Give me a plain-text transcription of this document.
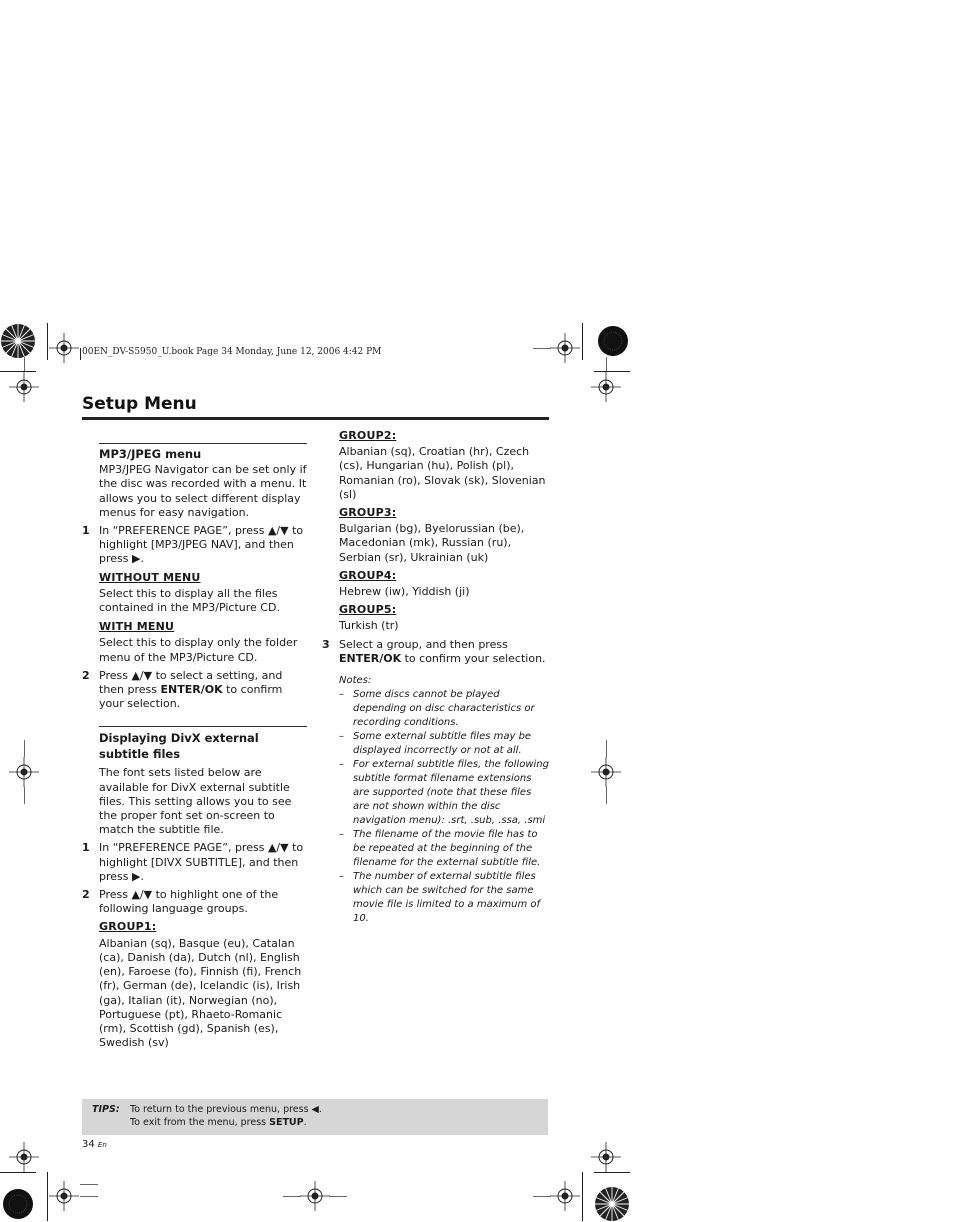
00EN_DV-S5950_U.book Page 34 Monday, June 12, 2006 4:42 PM
Setup Menu
MP3/JPEG menu

MP3/JPEG Navigator can be set only if the disc was recorded with a menu. It allows you to select different display menus for easy navigation.

1 In “PREFERENCE PAGE”, press ▲/▼ to highlight [MP3/JPEG NAV], and then press ▶.
WITHOUT MENU

Select this to display all the files contained in the MP3/Picture CD.

WITH MENU

Select this to display only the folder menu of the MP3/Picture CD.

2 Press ▲/▼ to select a setting, and then press ENTER/OK to confirm your selection.
Displaying DivX external subtitle files

The font sets listed below are available for DivX external subtitle files. This setting allows you to see the proper font set on-screen to match the subtitle file.

1 In “PREFERENCE PAGE”, press ▲/▼ to highlight [DIVX SUBTITLE], and then press ▶.
2 Press ▲/▼ to highlight one of the following language groups.
GROUP1:

Albanian (sq), Basque (eu), Catalan (ca), Danish (da), Dutch (nl), English (en), Faroese (fo), Finnish (fi), French (fr), German (de), Icelandic (is), Irish (ga), Italian (it), Norwegian (no), Portuguese (pt), Rhaeto-Romanic (rm), Scottish (gd), Spanish (es), Swedish (sv)

GROUP2:

Albanian (sq), Croatian (hr), Czech (cs), Hungarian (hu), Polish (pl), Romanian (ro), Slovak (sk), Slovenian (sl)

GROUP3:

Bulgarian (bg), Byelorussian (be), Macedonian (mk), Russian (ru), Serbian (sr), Ukrainian (uk)

GROUP4:

Hebrew (iw), Yiddish (ji)

GROUP5:

Turkish (tr)

3 Select a group, and then press ENTER/OK to confirm your selection.
Notes:
– Some discs cannot be played depending on disc characteristics or recording conditions.
– Some external subtitle files may be displayed incorrectly or not at all.
– For external subtitle files, the following subtitle format filename extensions are supported (note that these files are not shown within the disc navigation menu): .srt, .sub, .ssa, .smi
– The filename of the movie file has to be repeated at the beginning of the filename for the external subtitle file.
– The number of external subtitle files which can be switched for the same movie file is limited to a maximum of 10.
TIPS: To return to the previous menu, press ◀.
To exit from the menu, press SETUP.
34 En
